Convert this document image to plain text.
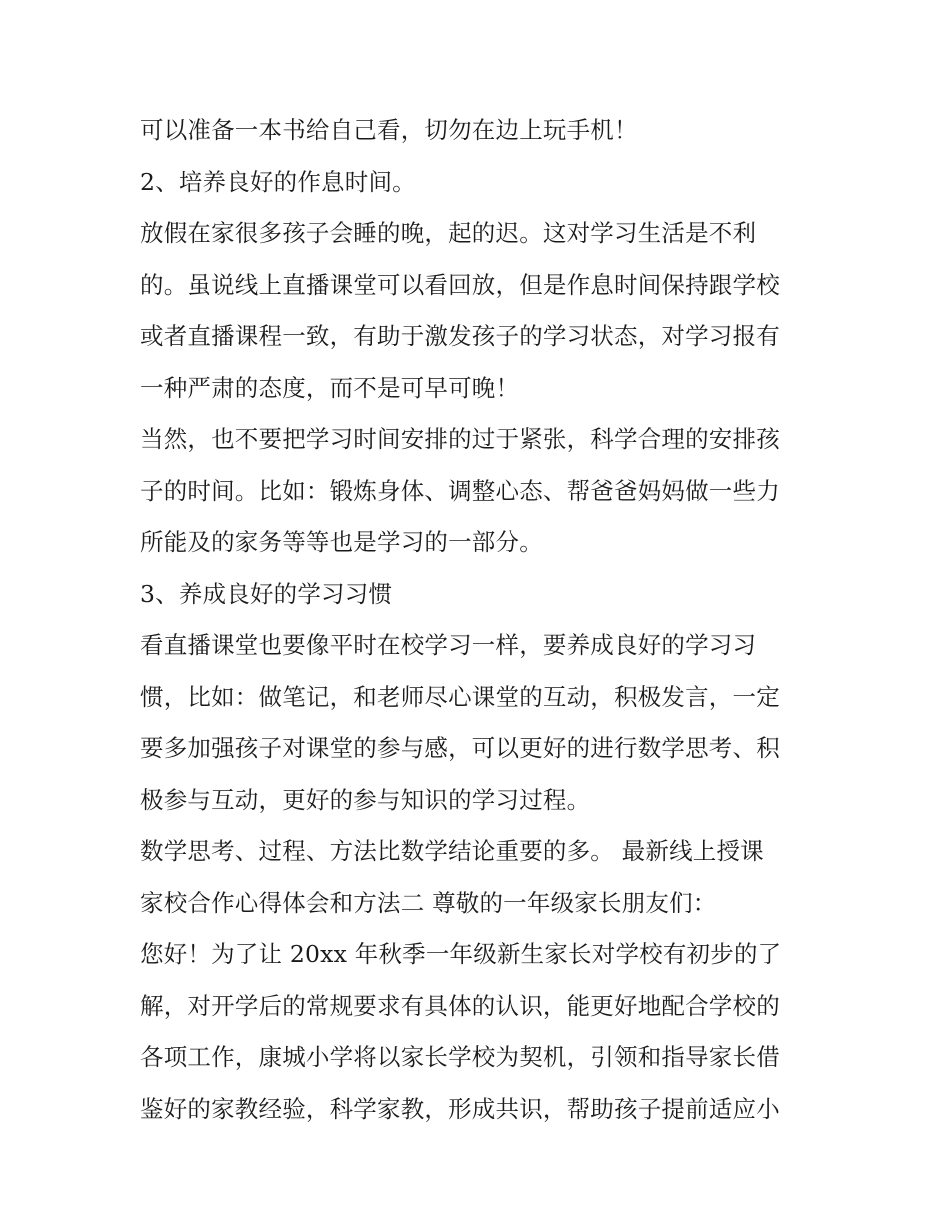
可以准备一本书给自己看，切勿在边上玩手机！
2、培养良好的作息时间。
放假在家很多孩子会睡的晚，起的迟。这对学习生活是不利
的。虽说线上直播课堂可以看回放，但是作息时间保持跟学校
或者直播课程一致，有助于激发孩子的学习状态，对学习报有
一种严肃的态度，而不是可早可晚！
当然，也不要把学习时间安排的过于紧张，科学合理的安排孩
子的时间。比如：锻炼身体、调整心态、帮爸爸妈妈做一些力
所能及的家务等等也是学习的一部分。
3、养成良好的学习习惯
看直播课堂也要像平时在校学习一样，要养成良好的学习习
惯，比如：做笔记，和老师尽心课堂的互动，积极发言，一定
要多加强孩子对课堂的参与感，可以更好的进行数学思考、积
极参与互动，更好的参与知识的学习过程。
数学思考、过程、方法比数学结论重要的多。 最新线上授课
家校合作心得体会和方法二 尊敬的一年级家长朋友们：
您好！为了让 20xx 年秋季一年级新生家长对学校有初步的了
解，对开学后的常规要求有具体的认识，能更好地配合学校的
各项工作，康城小学将以家长学校为契机，引领和指导家长借
鉴好的家教经验，科学家教，形成共识，帮助孩子提前适应小
